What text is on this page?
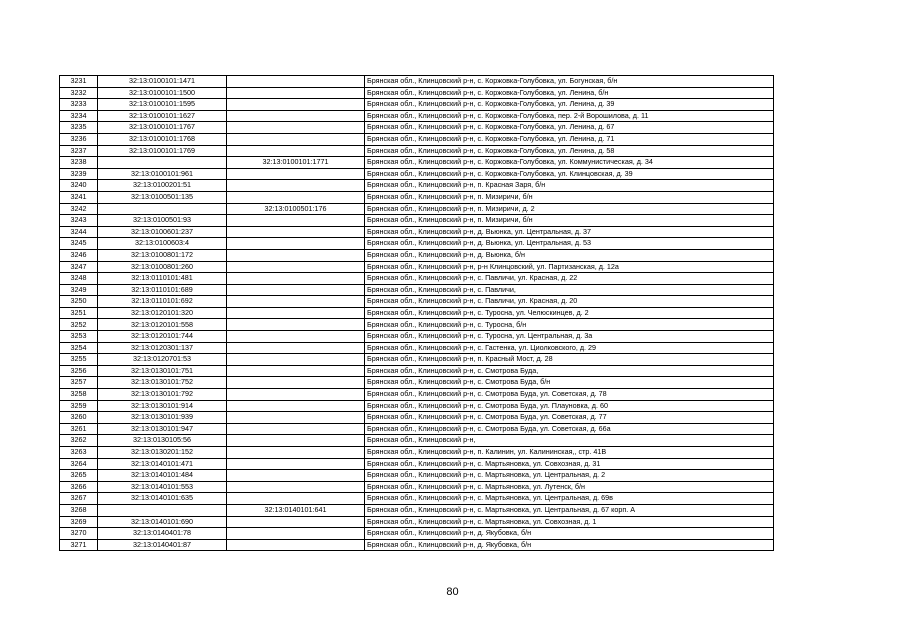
3231	32:13:0100101:1471		Брянская обл., Клинцовский р-н, с. Коржовка-Голубовка, ул. Богунская, б/н
3232	32:13:0100101:1500		Брянская обл., Клинцовский р-н, с. Коржовка-Голубовка, ул. Ленина, б/н
3233	32:13:0100101:1595		Брянская обл., Клинцовский р-н, с. Коржовка-Голубовка, ул. Ленина, д. 39
3234	32:13:0100101:1627		Брянская обл., Клинцовский р-н, с. Коржовка-Голубовка, пер. 2-й Ворошилова, д. 11
3235	32:13:0100101:1767		Брянская обл., Клинцовский р-н, с. Коржовка-Голубовка, ул. Ленина, д. 67
3236	32:13:0100101:1768		Брянская обл., Клинцовский р-н, с. Коржовка-Голубовка, ул. Ленина, д. 71
3237	32:13:0100101:1769		Брянская обл., Клинцовский р-н, с. Коржовка-Голубовка, ул. Ленина, д. 58
3238		32:13:0100101:1771	Брянская обл., Клинцовский р-н, с. Коржовка-Голубовка, ул. Коммунистическая, д. 34
3239	32:13:0100101:961		Брянская обл., Клинцовский р-н, с. Коржовка-Голубовка, ул. Клинцовская, д. 39
3240	32:13:0100201:51		Брянская обл., Клинцовский р-н, п. Красная Заря, б/н
3241	32:13:0100501:135		Брянская обл., Клинцовский р-н, п. Мизиричи, б/н
3242		32:13:0100501:176	Брянская обл., Клинцовский р-н, п. Мизиричи, д. 2
3243	32:13:0100501:93		Брянская обл., Клинцовский р-н, п. Мизиричи, б/н
3244	32:13:0100601:237		Брянская обл., Клинцовский р-н, д. Вьюнка, ул. Центральная, д. 37
3245	32:13:0100603:4		Брянская обл., Клинцовский р-н, д. Вьюнка, ул. Центральная, д. 53
3246	32:13:0100801:172		Брянская обл., Клинцовский р-н, д. Вьюнка, б/н
3247	32:13:0100801:260		Брянская обл., Клинцовский р-н, р-н Клинцовский, ул. Партизанская, д. 12а
3248	32:13:0110101:481		Брянская обл., Клинцовский р-н, с. Павличи, ул. Красная, д. 22
3249	32:13:0110101:689		Брянская обл., Клинцовский р-н, с. Павличи,
3250	32:13:0110101:692		Брянская обл., Клинцовский р-н, с. Павличи, ул. Красная, д. 20
3251	32:13:0120101:320		Брянская обл., Клинцовский р-н, с. Туросна, ул. Челюскинцев, д. 2
3252	32:13:0120101:558		Брянская обл., Клинцовский р-н, с. Туросна, б/н
3253	32:13:0120101:744		Брянская обл., Клинцовский р-н, с. Туросна, ул. Центральная, д. 3а
3254	32:13:0120301:137		Брянская обл., Клинцовский р-н, с. Гастенка, ул. Циолковского, д. 29
3255	32:13:0120701:53		Брянская обл., Клинцовский р-н, п. Красный Мост, д. 28
3256	32:13:0130101:751		Брянская обл., Клинцовский р-н, с. Смотрова Буда,
3257	32:13:0130101:752		Брянская обл., Клинцовский р-н, с. Смотрова Буда, б/н
3258	32:13:0130101:792		Брянская обл., Клинцовский р-н, с. Смотрова Буда, ул. Советская, д. 78
3259	32:13:0130101:914		Брянская обл., Клинцовский р-н, с. Смотрова Буда, ул. Плауновка, д. 60
3260	32:13:0130101:939		Брянская обл., Клинцовский р-н, с. Смотрова Буда, ул. Советская, д. 77
3261	32:13:0130101:947		Брянская обл., Клинцовский р-н, с. Смотрова Буда, ул. Советская, д. 66а
3262	32:13:0130105:56		Брянская обл., Клинцовский р-н,
3263	32:13:0130201:152		Брянская обл., Клинцовский р-н, п. Калинин, ул. Калининская,, стр. 41В
3264	32:13:0140101:471		Брянская обл., Клинцовский р-н, с. Мартьяновка, ул. Совхозная, д. 31
3265	32:13:0140101:484		Брянская обл., Клинцовский р-н, с. Мартьяновка, ул. Центральная, д. 2
3266	32:13:0140101:553		Брянская обл., Клинцовский р-н, с. Мартьяновка, ул. Лутенск, б/н
3267	32:13:0140101:635		Брянская обл., Клинцовский р-н, с. Мартьяновка, ул. Центральная, д. 69в
3268		32:13:0140101:641	Брянская обл., Клинцовский р-н, с. Мартьяновка, ул. Центральная, д. 67 корп. А
3269	32:13:0140101:690		Брянская обл., Клинцовский р-н, с. Мартьяновка, ул. Совхозная, д. 1
3270	32:13:0140401:78		Брянская обл., Клинцовский р-н, д. Якубовка, б/н
3271	32:13:0140401:87		Брянская обл., Клинцовский р-н, д. Якубовка, б/н
80
